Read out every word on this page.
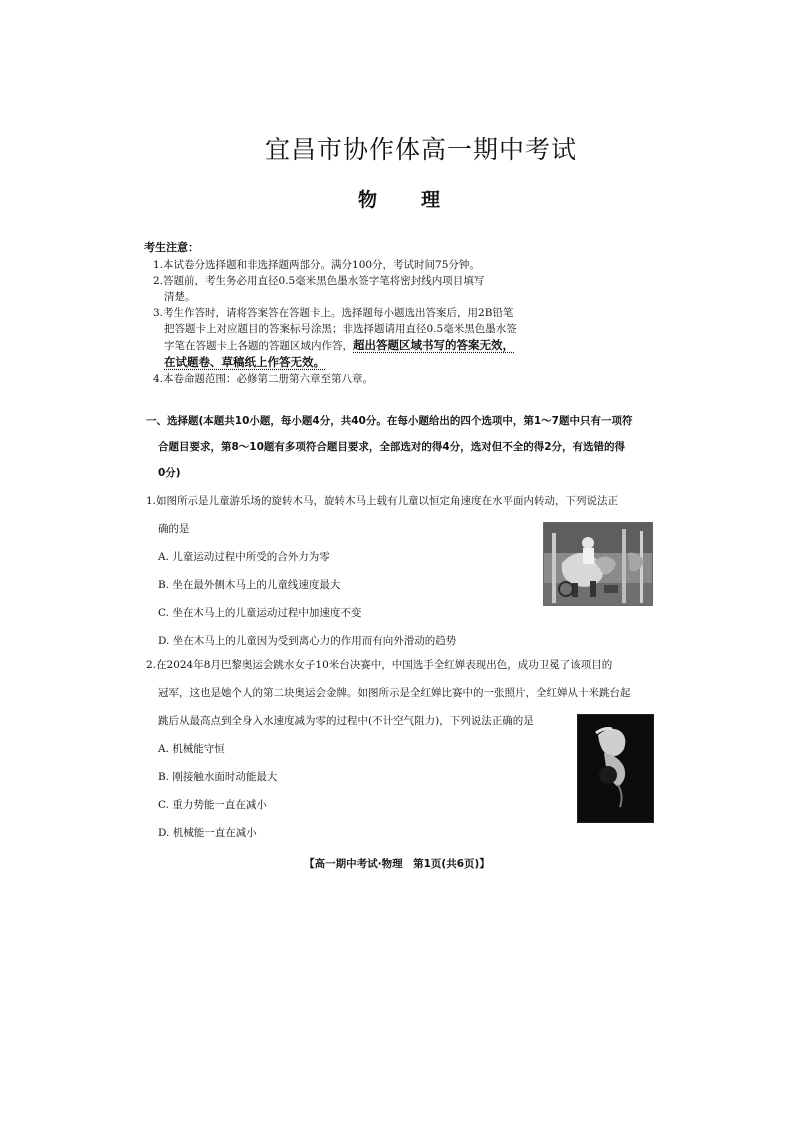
宜昌市协作体高一期中考试
物理
考生注意：
1.本试卷分选择题和非选择题两部分。满分100分，考试时间75分钟。
2.答题前，考生务必用直径0.5毫米黑色墨水签字笔将密封线内项目填写
清楚。
3.考生作答时，请将答案答在答题卡上。选择题每小题选出答案后，用2B铅笔
把答题卡上对应题目的答案标号涂黑；非选择题请用直径0.5毫米黑色墨水签
字笔在答题卡上各题的答题区域内作答，超出答题区域书写的答案无效，
在试题卷、草稿纸上作答无效。
4.本卷命题范围：必修第二册第六章至第八章。
一、选择题(本题共10小题，每小题4分，共40分。在每小题给出的四个选项中，第1～7题中只有一项符
合题目要求，第8～10题有多项符合题目要求，全部选对的得4分，选对但不全的得2分，有选错的得
0分)
1.如图所示是儿童游乐场的旋转木马，旋转木马上载有儿童以恒定角速度在水平面内转动，下列说法正
确的是
A. 儿童运动过程中所受的合外力为零
B. 坐在最外侧木马上的儿童线速度最大
C. 坐在木马上的儿童运动过程中加速度不变
D. 坐在木马上的儿童因为受到离心力的作用而有向外滑动的趋势
2.在2024年8月巴黎奥运会跳水女子10米台决赛中，中国选手全红婵表现出色，成功卫冕了该项目的
冠军，这也是她个人的第二块奥运会金牌。如图所示是全红婵比赛中的一张照片，全红婵从十米跳台起
跳后从最高点到全身入水速度减为零的过程中(不计空气阻力)，下列说法正确的是
A. 机械能守恒
B. 刚接触水面时动能最大
C. 重力势能一直在减小
D. 机械能一直在减小
【高一期中考试·物理　第1页(共6页)】
